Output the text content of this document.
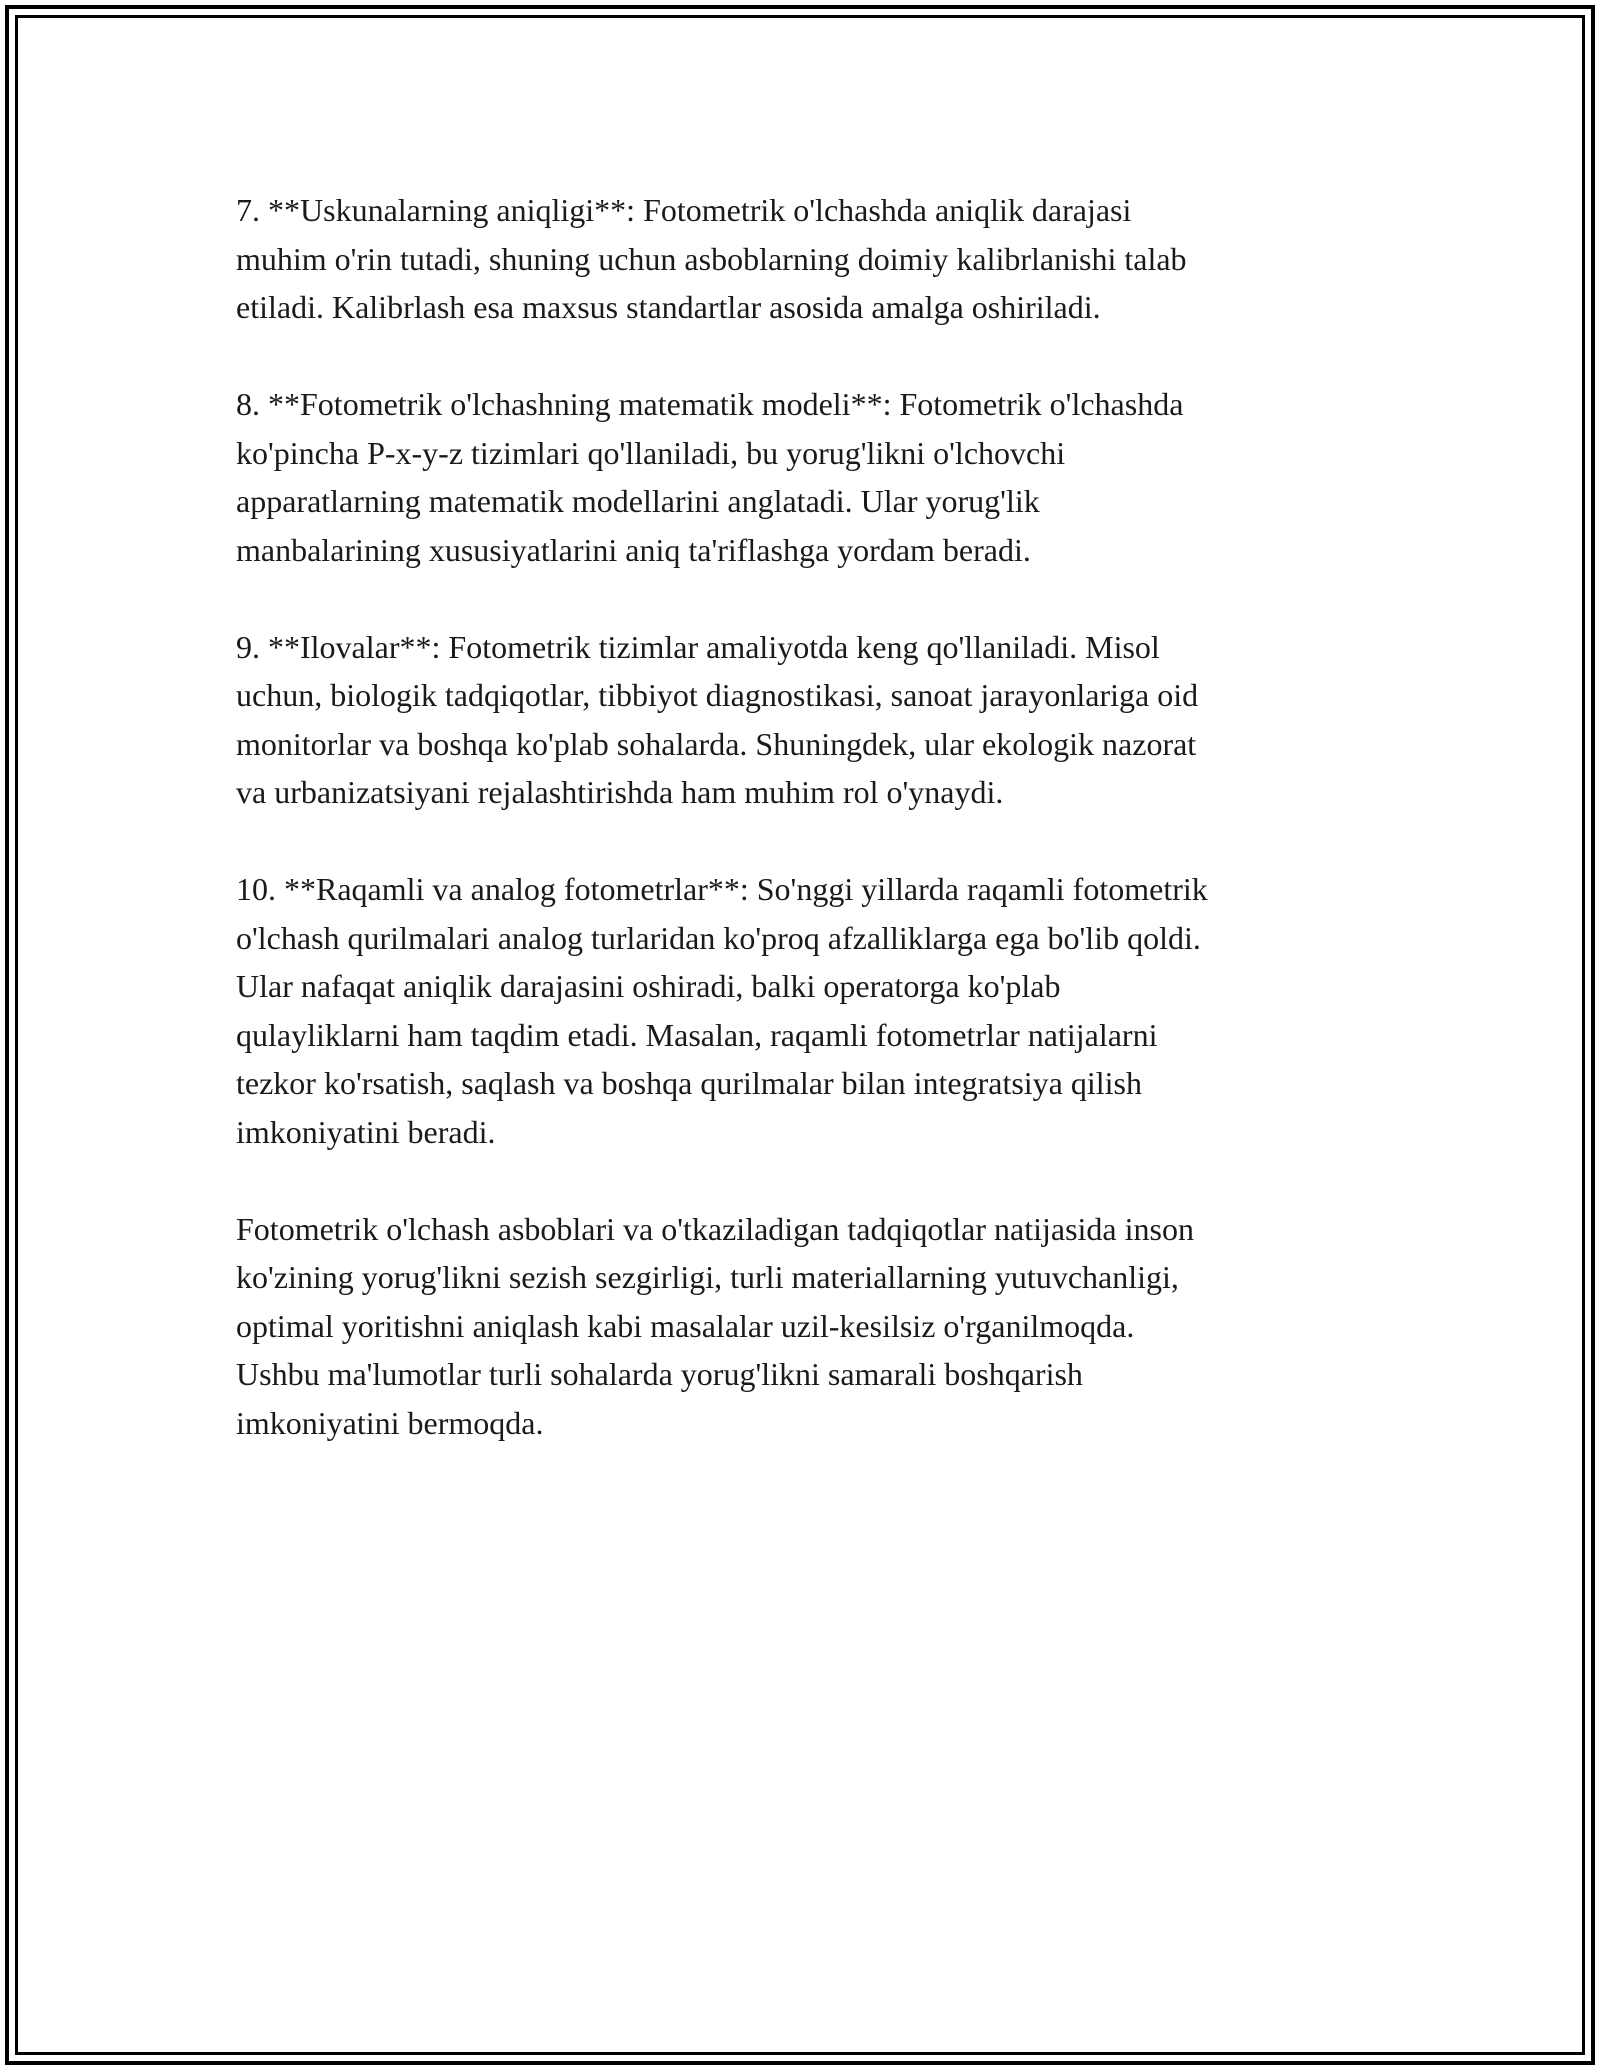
7. **Uskunalarning aniqligi**: Fotometrik o'lchashda aniqlik darajasi
muhim o'rin tutadi, shuning uchun asboblarning doimiy kalibrlanishi talab
etiladi. Kalibrlash esa maxsus standartlar asosida amalga oshiriladi.

8. **Fotometrik o'lchashning matematik modeli**: Fotometrik o'lchashda
ko'pincha P-x-y-z tizimlari qo'llaniladi, bu yorug'likni o'lchovchi
apparatlarning matematik modellarini anglatadi. Ular yorug'lik
manbalarining xususiyatlarini aniq ta'riflashga yordam beradi.

9. **Ilovalar**: Fotometrik tizimlar amaliyotda keng qo'llaniladi. Misol
uchun, biologik tadqiqotlar, tibbiyot diagnostikasi, sanoat jarayonlariga oid
monitorlar va boshqa ko'plab sohalarda. Shuningdek, ular ekologik nazorat
va urbanizatsiyani rejalashtirishda ham muhim rol o'ynaydi.

10. **Raqamli va analog fotometrlar**: So'nggi yillarda raqamli fotometrik
o'lchash qurilmalari analog turlaridan ko'proq afzalliklarga ega bo'lib qoldi.
Ular nafaqat aniqlik darajasini oshiradi, balki operatorga ko'plab
qulayliklarni ham taqdim etadi. Masalan, raqamli fotometrlar natijalarni
tezkor ko'rsatish, saqlash va boshqa qurilmalar bilan integratsiya qilish
imkoniyatini beradi.

Fotometrik o'lchash asboblari va o'tkaziladigan tadqiqotlar natijasida inson
ko'zining yorug'likni sezish sezgirligi, turli materiallarning yutuvchanligi,
optimal yoritishni aniqlash kabi masalalar uzil-kesilsiz o'rganilmoqda.
Ushbu ma'lumotlar turli sohalarda yorug'likni samarali boshqarish
imkoniyatini bermoqda.
